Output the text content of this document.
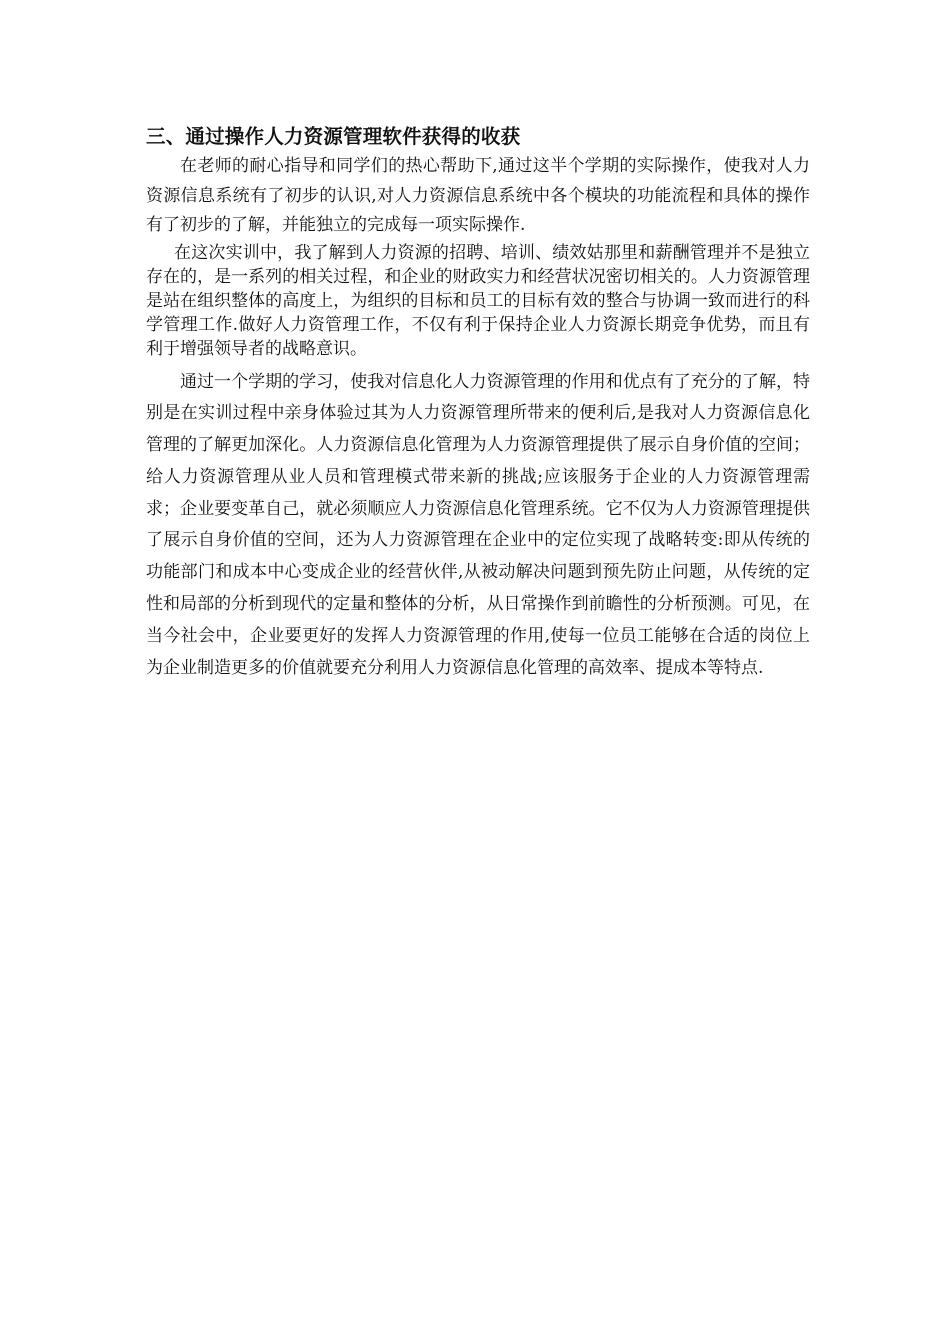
三、通过操作人力资源管理软件获得的收获

在老师的耐心指导和同学们的热心帮助下,通过这半个学期的实际操作，使我对人力资源信息系统有了初步的认识,对人力资源信息系统中各个模块的功能流程和具体的操作有了初步的了解，并能独立的完成每一项实际操作.

在这次实训中，我了解到人力资源的招聘、培训、绩效姑那里和薪酬管理并不是独立存在的，是一系列的相关过程，和企业的财政实力和经营状况密切相关的。人力资源管理是站在组织整体的高度上，为组织的目标和员工的目标有效的整合与协调一致而进行的科学管理工作.做好人力资管理工作，不仅有利于保持企业人力资源长期竞争优势，而且有利于增强领导者的战略意识。

通过一个学期的学习，使我对信息化人力资源管理的作用和优点有了充分的了解，特别是在实训过程中亲身体验过其为人力资源管理所带来的便利后,是我对人力资源信息化管理的了解更加深化。人力资源信息化管理为人力资源管理提供了展示自身价值的空间；给人力资源管理从业人员和管理模式带来新的挑战;应该服务于企业的人力资源管理需求；企业要变革自己，就必须顺应人力资源信息化管理系统。它不仅为人力资源管理提供了展示自身价值的空间，还为人力资源管理在企业中的定位实现了战略转变:即从传统的功能部门和成本中心变成企业的经营伙伴,从被动解决问题到预先防止问题，从传统的定性和局部的分析到现代的定量和整体的分析，从日常操作到前瞻性的分析预测。可见，在当今社会中，企业要更好的发挥人力资源管理的作用,使每一位员工能够在合适的岗位上为企业制造更多的价值就要充分利用人力资源信息化管理的高效率、提成本等特点.
